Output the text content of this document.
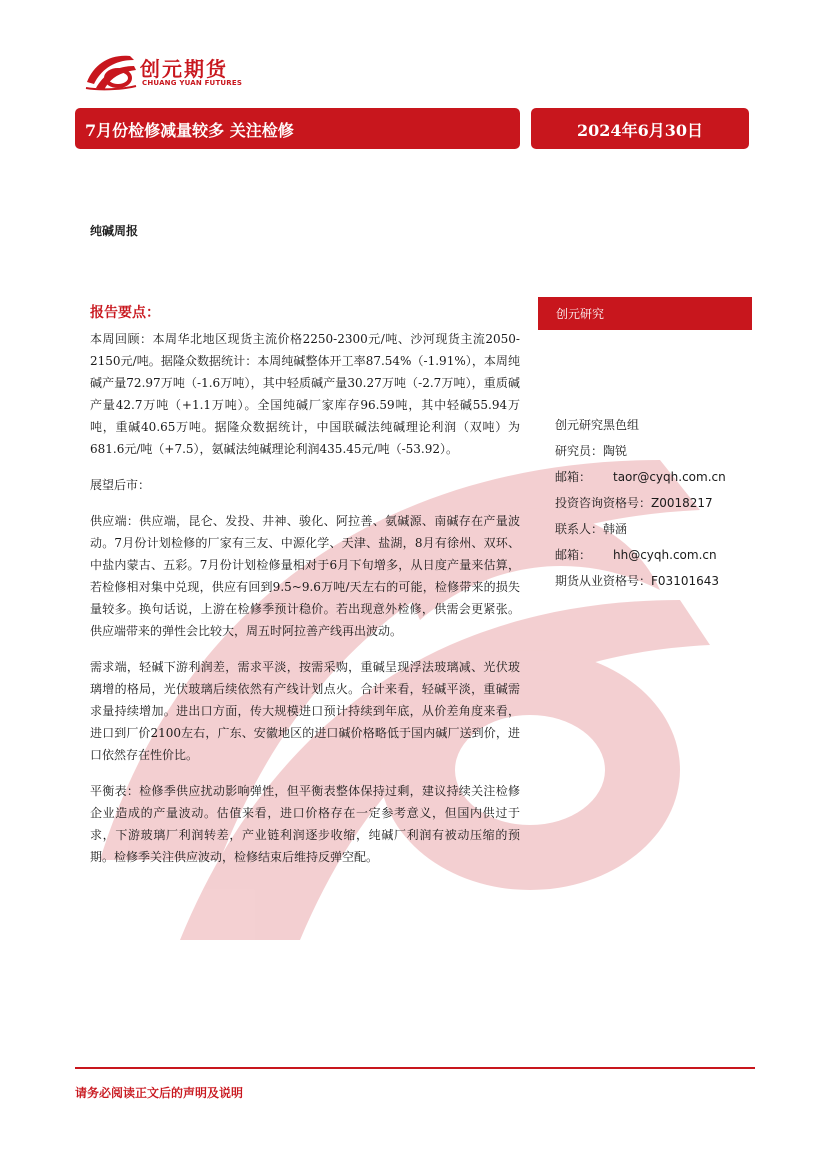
创元期货
CHUANG YUAN FUTURES
7月份检修减量较多 关注检修	2024年6月30日
纯碱周报
报告要点：

本周回顾：本周华北地区现货主流价格2250-2300元/吨、沙河现货主流2050-2150元/吨。据隆众数据统计：本周纯碱整体开工率87.54%（-1.91%），本周纯碱产量72.97万吨（-1.6万吨），其中轻质碱产量30.27万吨（-2.7万吨），重质碱产量42.7万吨（+1.1万吨）。全国纯碱厂家库存96.59吨，其中轻碱55.94万吨，重碱40.65万吨。据隆众数据统计，中国联碱法纯碱理论利润（双吨）为681.6元/吨（+7.5），氨碱法纯碱理论利润435.45元/吨（-53.92）。

展望后市：

供应端：供应端，昆仑、发投、井神、骏化、阿拉善、氨碱源、南碱存在产量波动。7月份计划检修的厂家有三友、中源化学、天津、盐湖，8月有徐州、双环、中盐内蒙古、五彩。7月份计划检修量相对于6月下旬增多，从日度产量来估算，若检修相对集中兑现，供应有回到9.5~9.6万吨/天左右的可能，检修带来的损失量较多。换句话说，上游在检修季预计稳价。若出现意外检修，供需会更紧张。供应端带来的弹性会比较大，周五时阿拉善产线再出波动。

需求端，轻碱下游利润差，需求平淡，按需采购，重碱呈现浮法玻璃减、光伏玻璃增的格局，光伏玻璃后续依然有产线计划点火。合计来看，轻碱平淡，重碱需求量持续增加。进出口方面，传大规模进口预计持续到年底，从价差角度来看，进口到厂价2100左右，广东、安徽地区的进口碱价格略低于国内碱厂送到价，进口依然存在性价比。

平衡表：检修季供应扰动影响弹性，但平衡表整体保持过剩，建议持续关注检修企业造成的产量波动。估值来看，进口价格存在一定参考意义，但国内供过于求，下游玻璃厂利润转差，产业链利润逐步收缩，纯碱厂利润有被动压缩的预期。检修季关注供应波动，检修结束后维持反弹空配。

创元研究
创元研究黑色组
研究员：陶锐
邮箱： taor@cyqh.com.cn
投资咨询资格号：Z0018217
联系人：韩涵
邮箱： hh@cyqh.com.cn
期货从业资格号：F03101643
请务必阅读正文后的声明及说明
